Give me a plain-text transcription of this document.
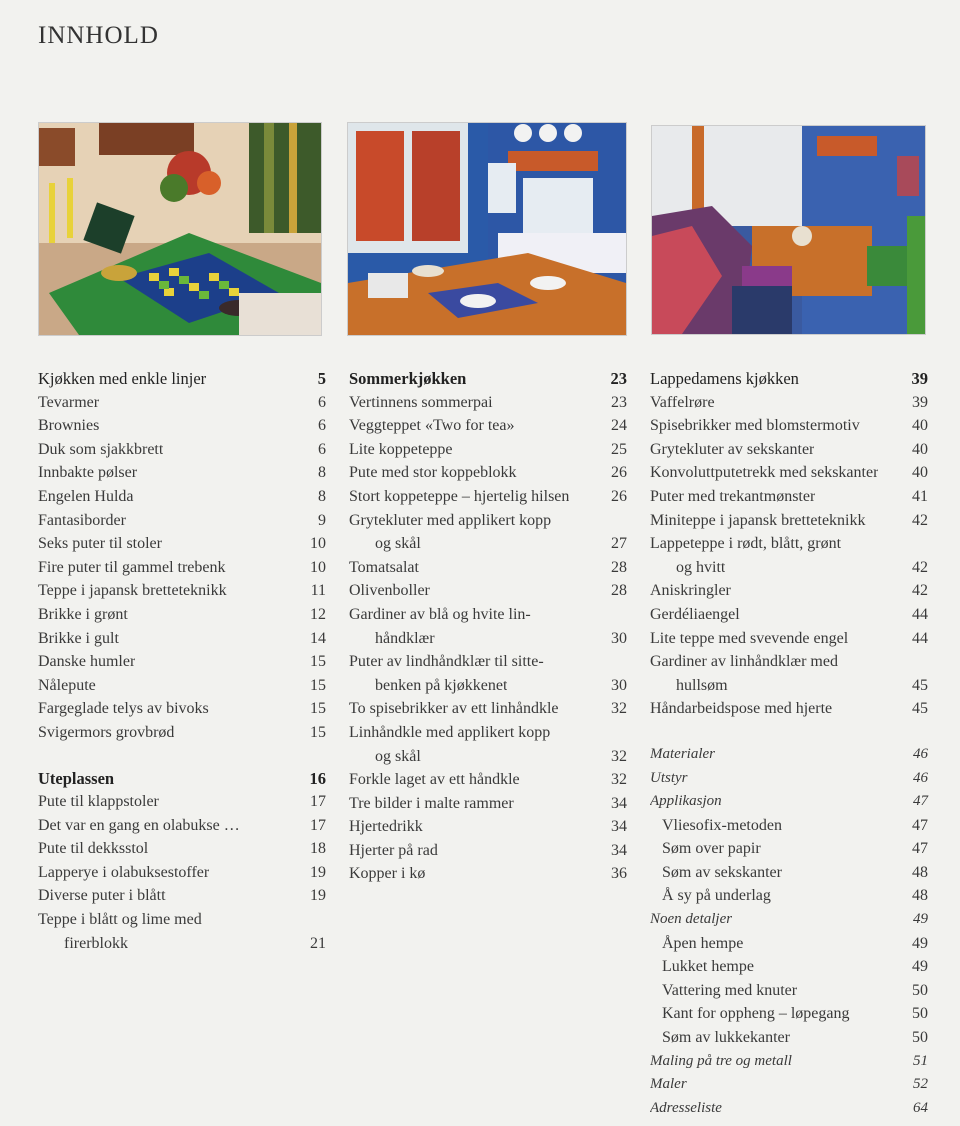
INNHOLD
Kjøkken med enkle linjer	5
Tevarmer	6
Brownies	6
Duk som sjakkbrett	6
Innbakte pølser	8
Engelen Hulda	8
Fantasiborder	9
Seks puter til stoler	10
Fire puter til gammel trebenk	10
Teppe i japansk bretteteknikk	11
Brikke i grønt	12
Brikke i gult	14
Danske humler	15
Nålepute	15
Fargeglade telys av bivoks	15
Svigermors grovbrød	15
Uteplassen	16
Pute til klappstoler	17
Det var en gang en olabukse …	17
Pute til dekksstol	18
Lapperye i olabuksestoffer	19
Diverse puter i blått	19
Teppe i blått og lime med
firerblokk	21
Sommerkjøkken	23
Vertinnens sommerpai	23
Veggteppet «Two for tea»	24
Lite koppeteppe	25
Pute med stor koppeblokk	26
Stort koppeteppe – hjertelig hilsen	26
Grytekluter med applikert kopp
og skål	27
Tomatsalat	28
Olivenboller	28
Gardiner av blå og hvite lin-
håndklær	30
Puter av lindhåndklær til sitte-
benken på kjøkkenet	30
To spisebrikker av ett linhåndkle	32
Linhåndkle med applikert kopp
og skål	32
Forkle laget av ett håndkle	32
Tre bilder i malte rammer	34
Hjertedrikk	34
Hjerter på rad	34
Kopper i kø	36
Lappedamens kjøkken	39
Vaffelrøre	39
Spisebrikker med blomstermotiv	40
Grytekluter av sekskanter	40
Konvoluttputetrekk med sekskanter	40
Puter med trekantmønster	41
Miniteppe i japansk bretteteknikk	42
Lappeteppe i rødt, blått, grønt
og hvitt	42
Aniskringler	42
Gerdéliaengel	44
Lite teppe med svevende engel	44
Gardiner av linhåndklær med
hullsøm	45
Håndarbeidspose med hjerte	45
Materialer	46
Utstyr	46
Applikasjon	47
Vliesofix-metoden	47
Søm over papir	47
Søm av sekskanter	48
Å sy på underlag	48
Noen detaljer	49
Åpen hempe	49
Lukket hempe	49
Vattering med knuter	50
Kant for oppheng – løpegang	50
Søm av lukkekanter	50
Maling på tre og metall	51
Maler	52
Adresseliste	64
